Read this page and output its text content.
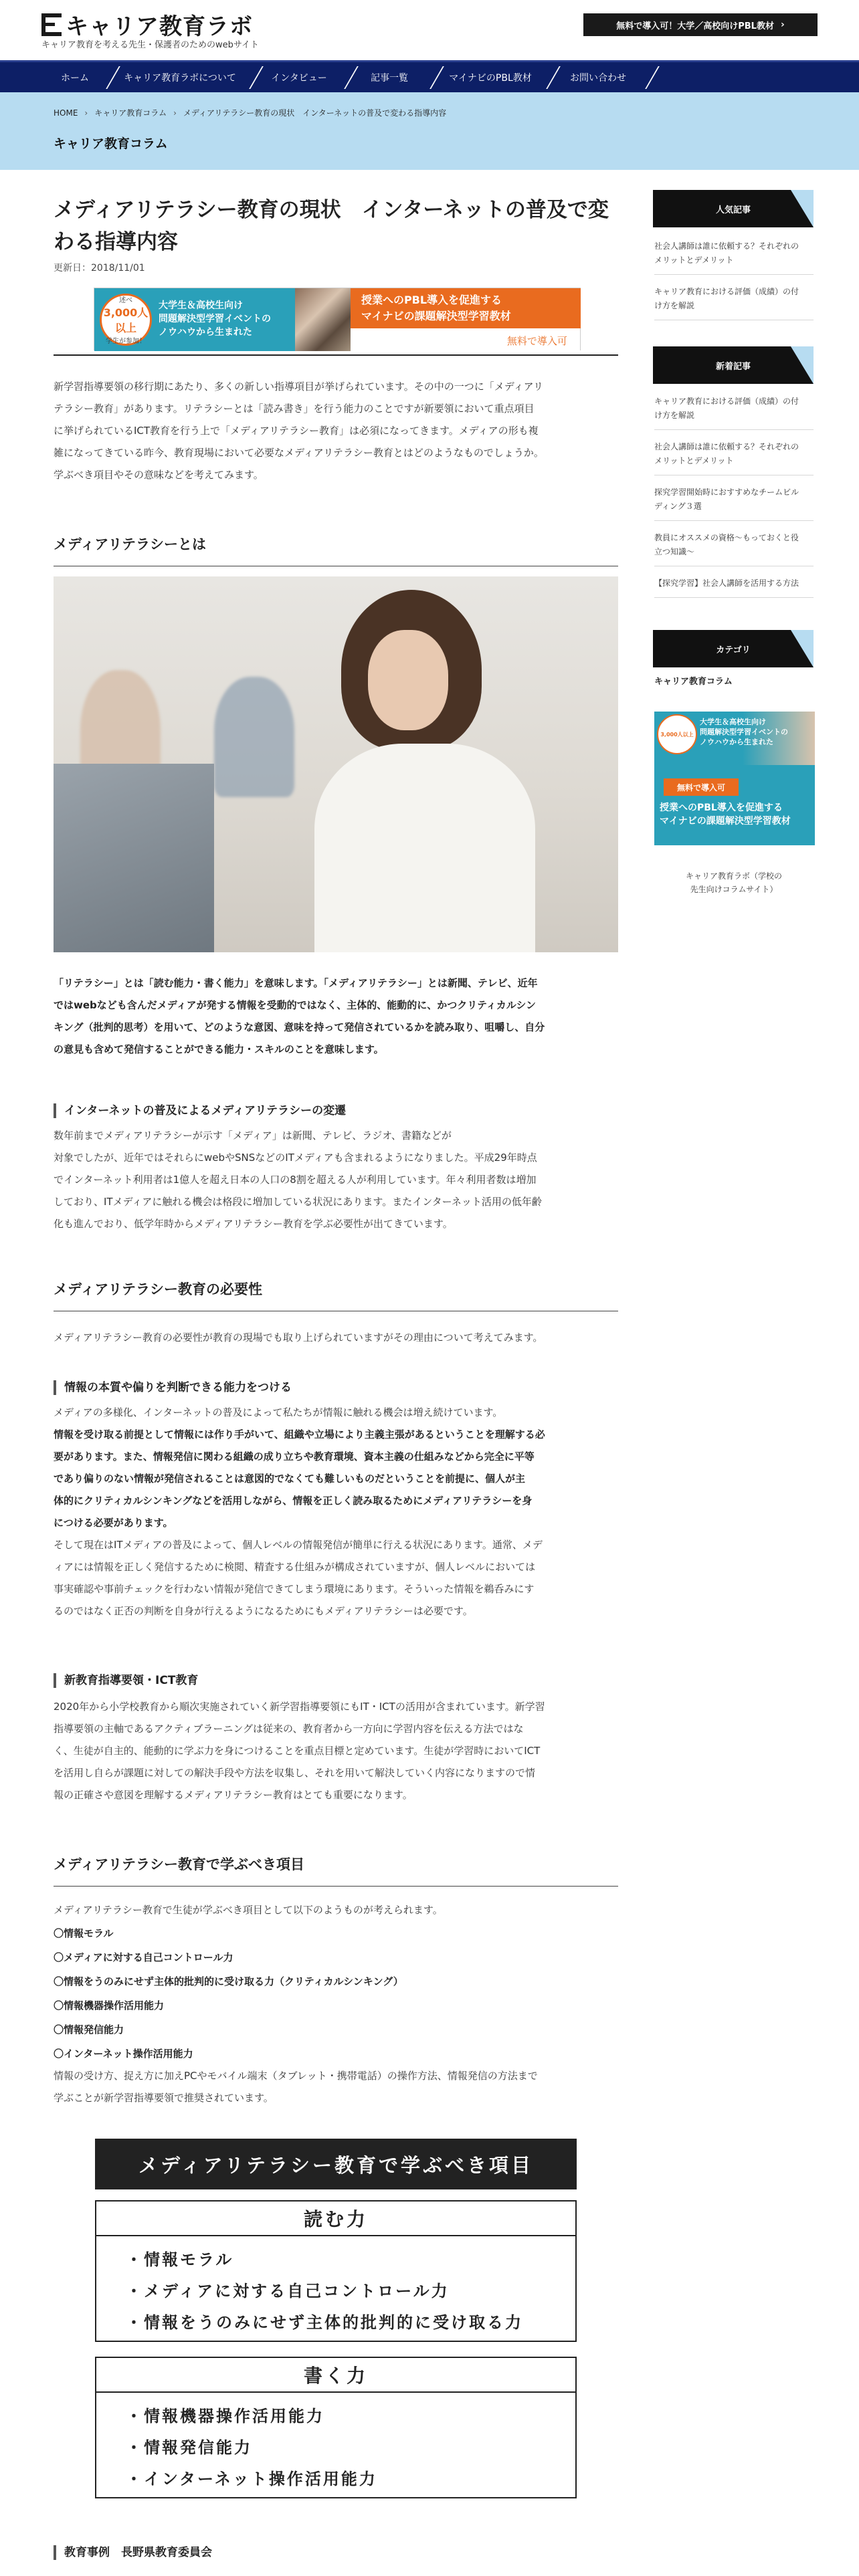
キャリア教育ラボ
キャリア教育を考える先生・保護者のためのwebサイト
無料で導入可！大学／高校向けPBL教材 ›
ホーム	キャリア教育ラボについて	インタビュー	記事一覧	マイナビのPBL教材	お問い合わせ
HOME › キャリア教育コラム › メディアリテラシー教育の現状　インターネットの普及で変わる指導内容
キャリア教育コラム
メディアリテラシー教育の現状　インターネットの普及で変わる指導内容
更新日：2018/11/01
述べ
3,000人以上
学生が参加！
大学生＆高校生向け
問題解決型学習イベントの
ノウハウから生まれた
授業へのPBL導入を促進する
マイナビの課題解決型学習教材
無料で導入可
新学習指導要領の移行期にあたり、多くの新しい指導項目が挙げられています。その中の一つに「メディアリ
テラシー教育」があります。リテラシーとは「読み書き」を行う能力のことですが新要領において重点項目
に挙げられているICT教育を行う上で「メディアリテラシー教育」は必須になってきます。メディアの形も複
雑になってきている昨今、教育現場において必要なメディアリテラシー教育とはどのようなものでしょうか。
学ぶべき項目やその意味などを考えてみます。
メディアリテラシーとは
「リテラシー」とは「読む能力・書く能力」を意味します。「メディアリテラシー」とは新聞、テレビ、近年
ではwebなども含んだメディアが発する情報を受動的ではなく、主体的、能動的に、かつクリティカルシン
キング（批判的思考）を用いて、どのような意図、意味を持って発信されているかを読み取り、咀嚼し、自分
の意見も含めて発信することができる能力・スキルのことを意味します。
インターネットの普及によるメディアリテラシーの変遷
数年前までメディアリテラシーが示す「メディア」は新聞、テレビ、ラジオ、書籍などが
対象でしたが、近年ではそれらにwebやSNSなどのITメディアも含まれるようになりました。平成29年時点
でインターネット利用者は1億人を超え日本の人口の8割を超える人が利用しています。年々利用者数は増加
しており、ITメディアに触れる機会は格段に増加している状況にあります。またインターネット活用の低年齢
化も進んでおり、低学年時からメディアリテラシー教育を学ぶ必要性が出てきています。
メディアリテラシー教育の必要性
メディアリテラシー教育の必要性が教育の現場でも取り上げられていますがその理由について考えてみます。
情報の本質や偏りを判断できる能力をつける
メディアの多様化、インターネットの普及によって私たちが情報に触れる機会は増え続けています。
情報を受け取る前提として情報には作り手がいて、組織や立場により主義主張があるということを理解する必
要があります。また、情報発信に関わる組織の成り立ちや教育環境、資本主義の仕組みなどから完全に平等
であり偏りのない情報が発信されることは意図的でなくても難しいものだということを前提に、個人が主
体的にクリティカルシンキングなどを活用しながら、情報を正しく読み取るためにメディアリテラシーを身
につける必要があります。
そして現在はITメディアの普及によって、個人レベルの情報発信が簡単に行える状況にあります。通常、メデ
ィアには情報を正しく発信するために検閲、精査する仕組みが構成されていますが、個人レベルにおいては
事実確認や事前チェックを行わない情報が発信できてしまう環境にあります。そういった情報を鵜呑みにす
るのではなく正否の判断を自身が行えるようになるためにもメディアリテラシーは必要です。
新教育指導要領・ICT教育
2020年から小学校教育から順次実施されていく新学習指導要領にもIT・ICTの活用が含まれています。新学習
指導要領の主軸であるアクティブラーニングは従来の、教育者から一方向に学習内容を伝える方法ではな
く、生徒が自主的、能動的に学ぶ力を身につけることを重点目標と定めています。生徒が学習時においてICT
を活用し自らが課題に対しての解決手段や方法を収集し、それを用いて解決していく内容になりますので情
報の正確さや意図を理解するメディアリテラシー教育はとても重要になります。
メディアリテラシー教育で学ぶべき項目
メディアリテラシー教育で生徒が学ぶべき項目として以下のようものが考えられます。
〇情報モラル
〇メディアに対する自己コントロール力
〇情報をうのみにせず主体的批判的に受け取る力（クリティカルシンキング）
〇情報機器操作活用能力
〇情報発信能力
〇インターネット操作活用能力
情報の受け方、捉え方に加えPCやモバイル端末（タブレット・携帯電話）の操作方法、情報発信の方法まで
学ぶことが新学習指導要領で推奨されています。
メディアリテラシー教育で学ぶべき項目
読む力
・情報モラル
・メディアに対する自己コントロール力
・情報をうのみにせず主体的批判的に受け取る力
書く力
・情報機器操作活用能力
・情報発信能力
・インターネット操作活用能力
教育事例　長野県教育委員会
人気記事
社会人講師は誰に依頼する？それぞれの
メリットとデメリット
キャリア教育における評価（成績）の付
け方を解説
新着記事
キャリア教育における評価（成績）の付
け方を解説
社会人講師は誰に依頼する？それぞれの
メリットとデメリット
探究学習開始時におすすめなチームビル
ディング３選
教員にオススメの資格～もっておくと役
立つ知識～
【探究学習】社会人講師を活用する方法
カテゴリ
キャリア教育コラム
3,000人以上
大学生＆高校生向け
問題解決型学習イベントの
ノウハウから生まれた
無料で導入可
授業へのPBL導入を促進する
マイナビの課題解決型学習教材
キャリア教育ラボ（学校の
先生向けコラムサイト）
